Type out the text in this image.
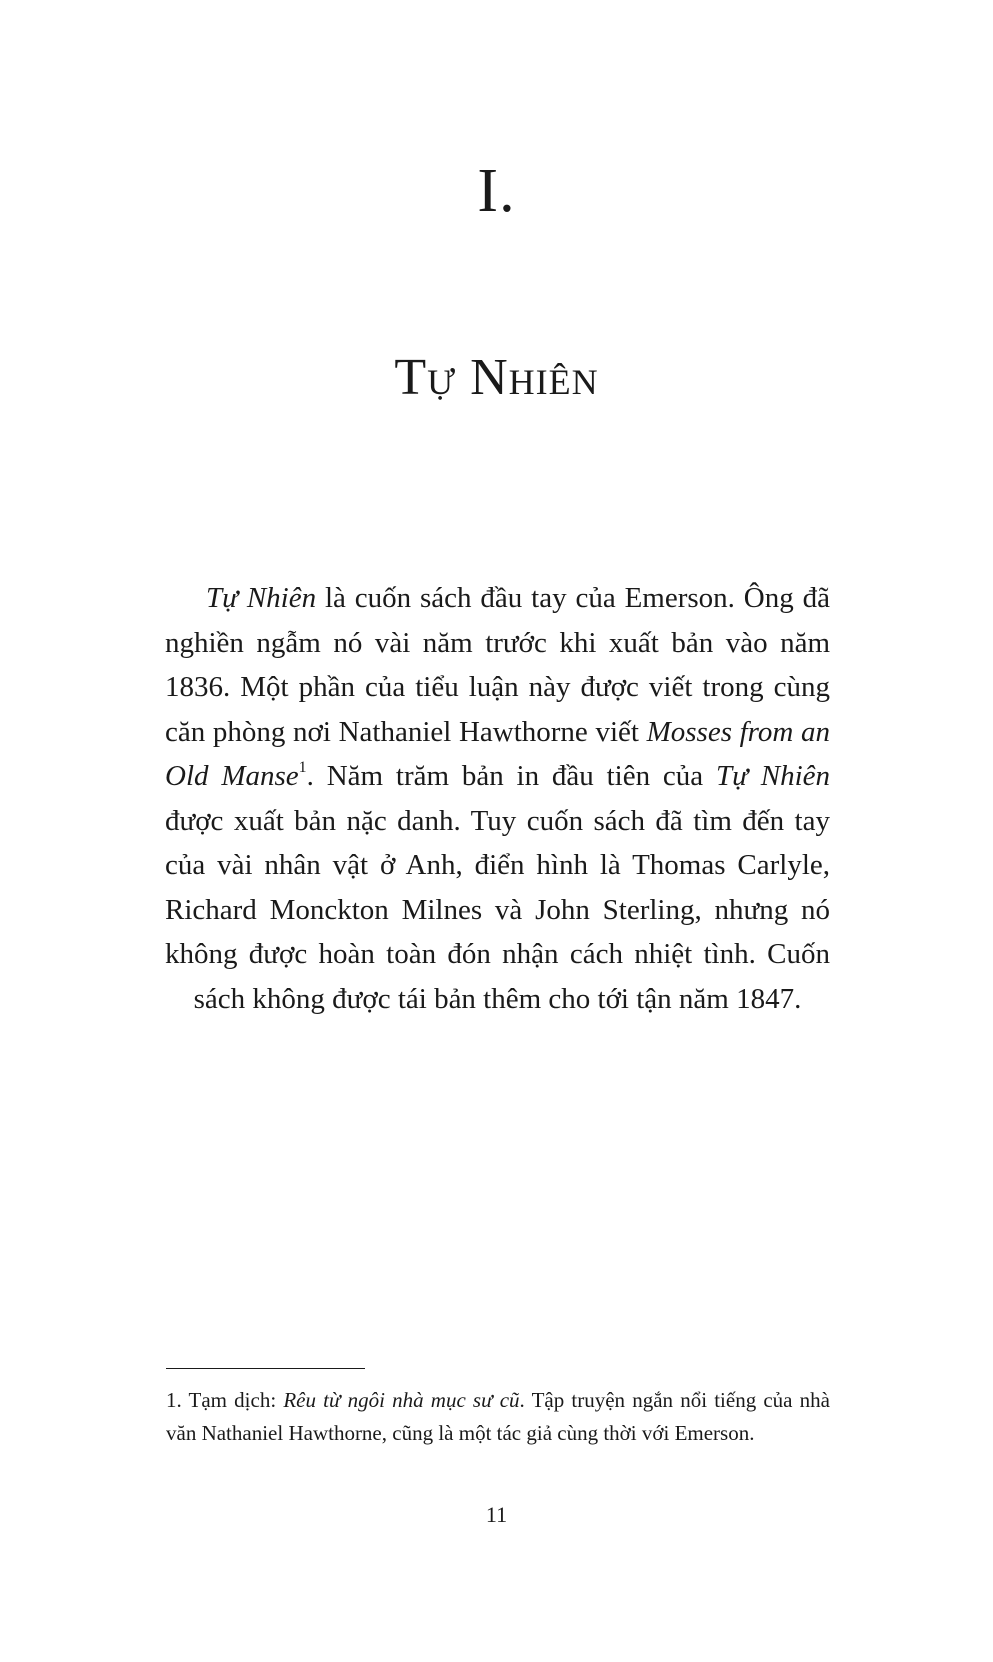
I.
Tự Nhiên

Tự Nhiên là cuốn sách đầu tay của Emerson. Ông đã nghiền ngẫm nó vài năm trước khi xuất bản vào năm 1836. Một phần của tiểu luận này được viết trong cùng căn phòng nơi Nathaniel Hawthorne viết Mosses from an Old Manse$^1$. Năm trăm bản in đầu tiên của Tự Nhiên được xuất bản nặc danh. Tuy cuốn sách đã tìm đến tay của vài nhân vật ở Anh, điển hình là Thomas Carlyle, Richard Monckton Milnes và John Sterling, nhưng nó không được hoàn toàn đón nhận cách nhiệt tình. Cuốn sách không được tái bản thêm cho tới tận năm 1847.

1. Tạm dịch: Rêu từ ngôi nhà mục sư cũ. Tập truyện ngắn nổi tiếng của nhà văn Nathaniel Hawthorne, cũng là một tác giả cùng thời với Emerson.

11
